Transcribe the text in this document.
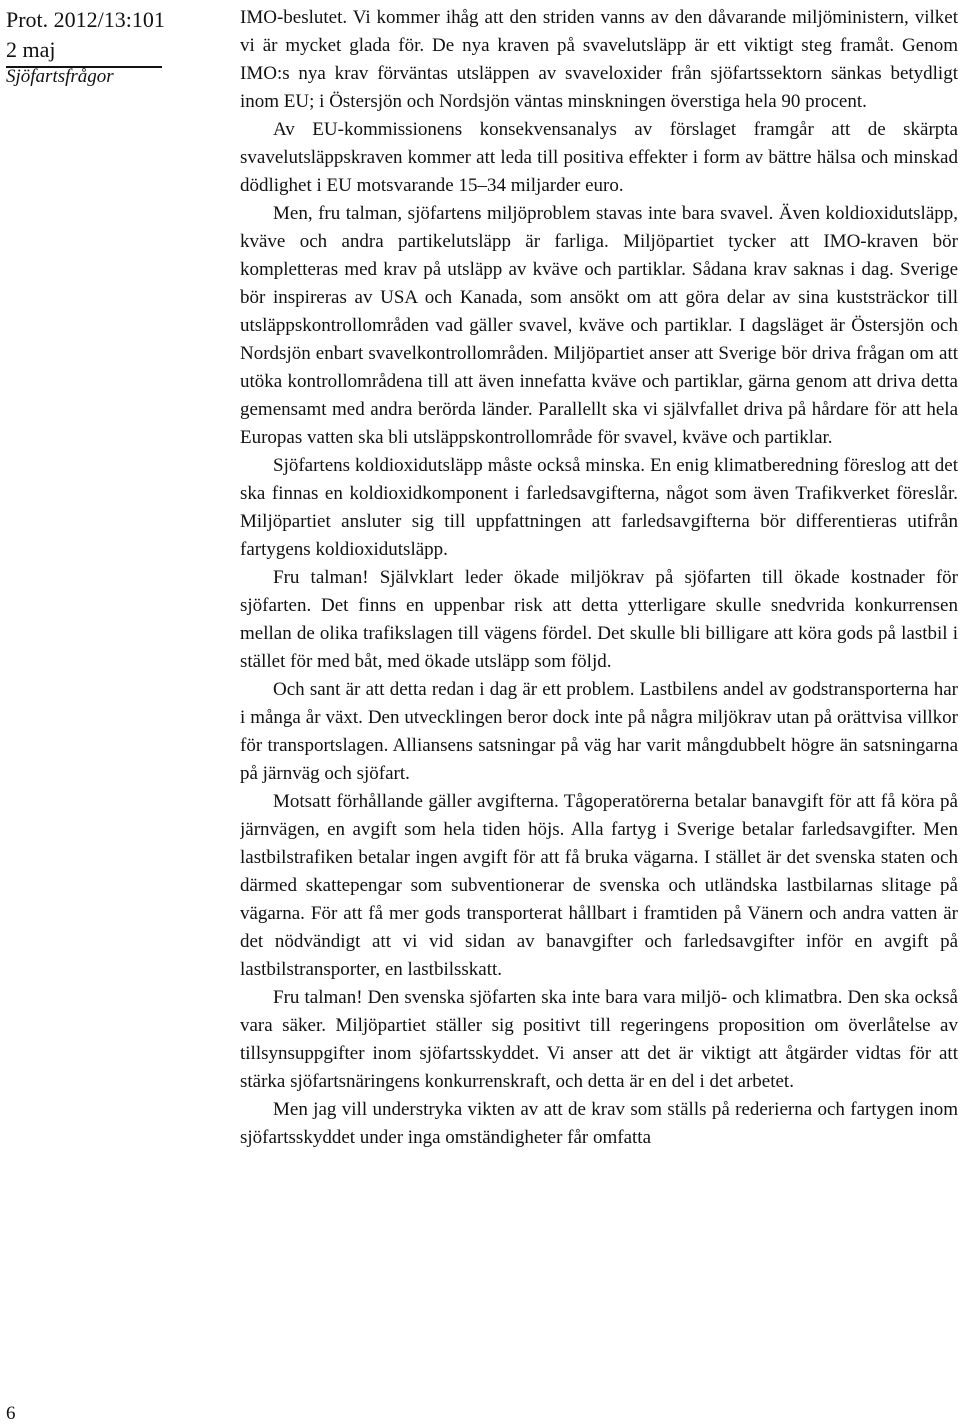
Prot. 2012/13:101
2 maj
Sjöfartsfrågor
6

IMO-beslutet. Vi kommer ihåg att den striden vanns av den dåvarande miljöministern, vilket vi är mycket glada för. De nya kraven på svavelutsläpp är ett viktigt steg framåt. Genom IMO:s nya krav förväntas utsläppen av svaveloxider från sjöfartssektorn sänkas betydligt inom EU; i Östersjön och Nordsjön väntas minskningen överstiga hela 90 procent.

Av EU-kommissionens konsekvensanalys av förslaget framgår att de skärpta svavelutsläppskraven kommer att leda till positiva effekter i form av bättre hälsa och minskad dödlighet i EU motsvarande 15–34 miljarder euro.

Men, fru talman, sjöfartens miljöproblem stavas inte bara svavel. Även koldioxidutsläpp, kväve och andra partikelutsläpp är farliga. Miljöpartiet tycker att IMO-kraven bör kompletteras med krav på utsläpp av kväve och partiklar. Sådana krav saknas i dag. Sverige bör inspireras av USA och Kanada, som ansökt om att göra delar av sina kuststräckor till utsläppskontrollområden vad gäller svavel, kväve och partiklar. I dagsläget är Östersjön och Nordsjön enbart svavelkontrollområden. Miljöpartiet anser att Sverige bör driva frågan om att utöka kontrollområdena till att även innefatta kväve och partiklar, gärna genom att driva detta gemensamt med andra berörda länder. Parallellt ska vi självfallet driva på hårdare för att hela Europas vatten ska bli utsläppskontrollområde för svavel, kväve och partiklar.

Sjöfartens koldioxidutsläpp måste också minska. En enig klimatberedning föreslog att det ska finnas en koldioxidkomponent i farledsavgifterna, något som även Trafikverket föreslår. Miljöpartiet ansluter sig till uppfattningen att farledsavgifterna bör differentieras utifrån fartygens koldioxidutsläpp.

Fru talman! Självklart leder ökade miljökrav på sjöfarten till ökade kostnader för sjöfarten. Det finns en uppenbar risk att detta ytterligare skulle snedvrida konkurrensen mellan de olika trafikslagen till vägens fördel. Det skulle bli billigare att köra gods på lastbil i stället för med båt, med ökade utsläpp som följd.

Och sant är att detta redan i dag är ett problem. Lastbilens andel av godstransporterna har i många år växt. Den utvecklingen beror dock inte på några miljökrav utan på orättvisa villkor för transportslagen. Alliansens satsningar på väg har varit mångdubbelt högre än satsningarna på järnväg och sjöfart.

Motsatt förhållande gäller avgifterna. Tågoperatörerna betalar banavgift för att få köra på järnvägen, en avgift som hela tiden höjs. Alla fartyg i Sverige betalar farledsavgifter. Men lastbilstrafiken betalar ingen avgift för att få bruka vägarna. I stället är det svenska staten och därmed skattepengar som subventionerar de svenska och utländska lastbilarnas slitage på vägarna. För att få mer gods transporterat hållbart i framtiden på Vänern och andra vatten är det nödvändigt att vi vid sidan av banavgifter och farledsavgifter inför en avgift på lastbilstransporter, en lastbilsskatt.

Fru talman! Den svenska sjöfarten ska inte bara vara miljö- och klimatbra. Den ska också vara säker. Miljöpartiet ställer sig positivt till regeringens proposition om överlåtelse av tillsynsuppgifter inom sjöfartsskyddet. Vi anser att det är viktigt att åtgärder vidtas för att stärka sjöfartsnäringens konkurrenskraft, och detta är en del i det arbetet.

Men jag vill understryka vikten av att de krav som ställs på rederierna och fartygen inom sjöfartsskyddet under inga omständigheter får omfatta
